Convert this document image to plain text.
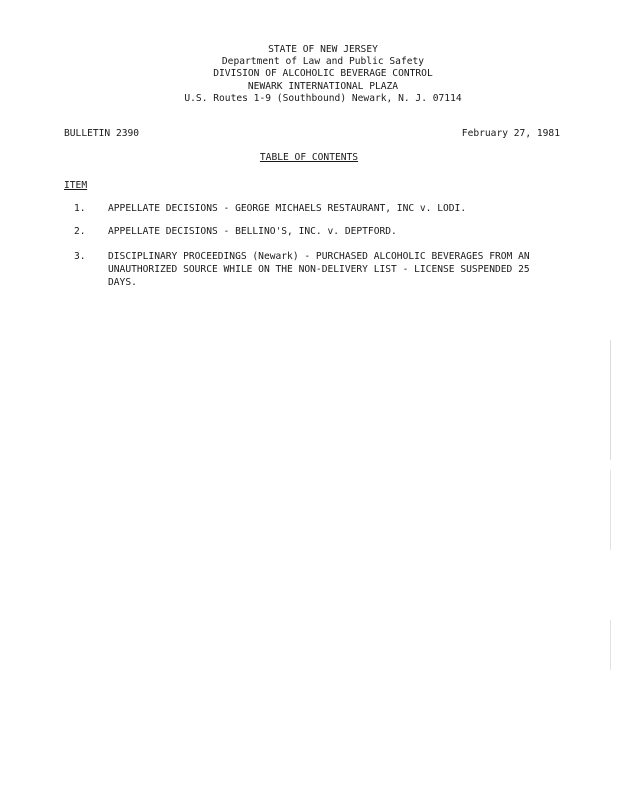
STATE OF NEW JERSEY
Department of Law and Public Safety
DIVISION OF ALCOHOLIC BEVERAGE CONTROL
NEWARK INTERNATIONAL PLAZA
U.S. Routes 1-9 (Southbound) Newark, N. J. 07114
BULLETIN 2390	February 27, 1981
TABLE OF CONTENTS
ITEM
1.	APPELLATE DECISIONS - GEORGE MICHAELS RESTAURANT, INC v. LODI.
2.	APPELLATE DECISIONS - BELLINO'S, INC. v. DEPTFORD.
3.	DISCIPLINARY PROCEEDINGS (Newark) - PURCHASED ALCOHOLIC BEVERAGES FROM AN UNAUTHORIZED SOURCE WHILE ON THE NON-DELIVERY LIST - LICENSE SUSPENDED 25 DAYS.
